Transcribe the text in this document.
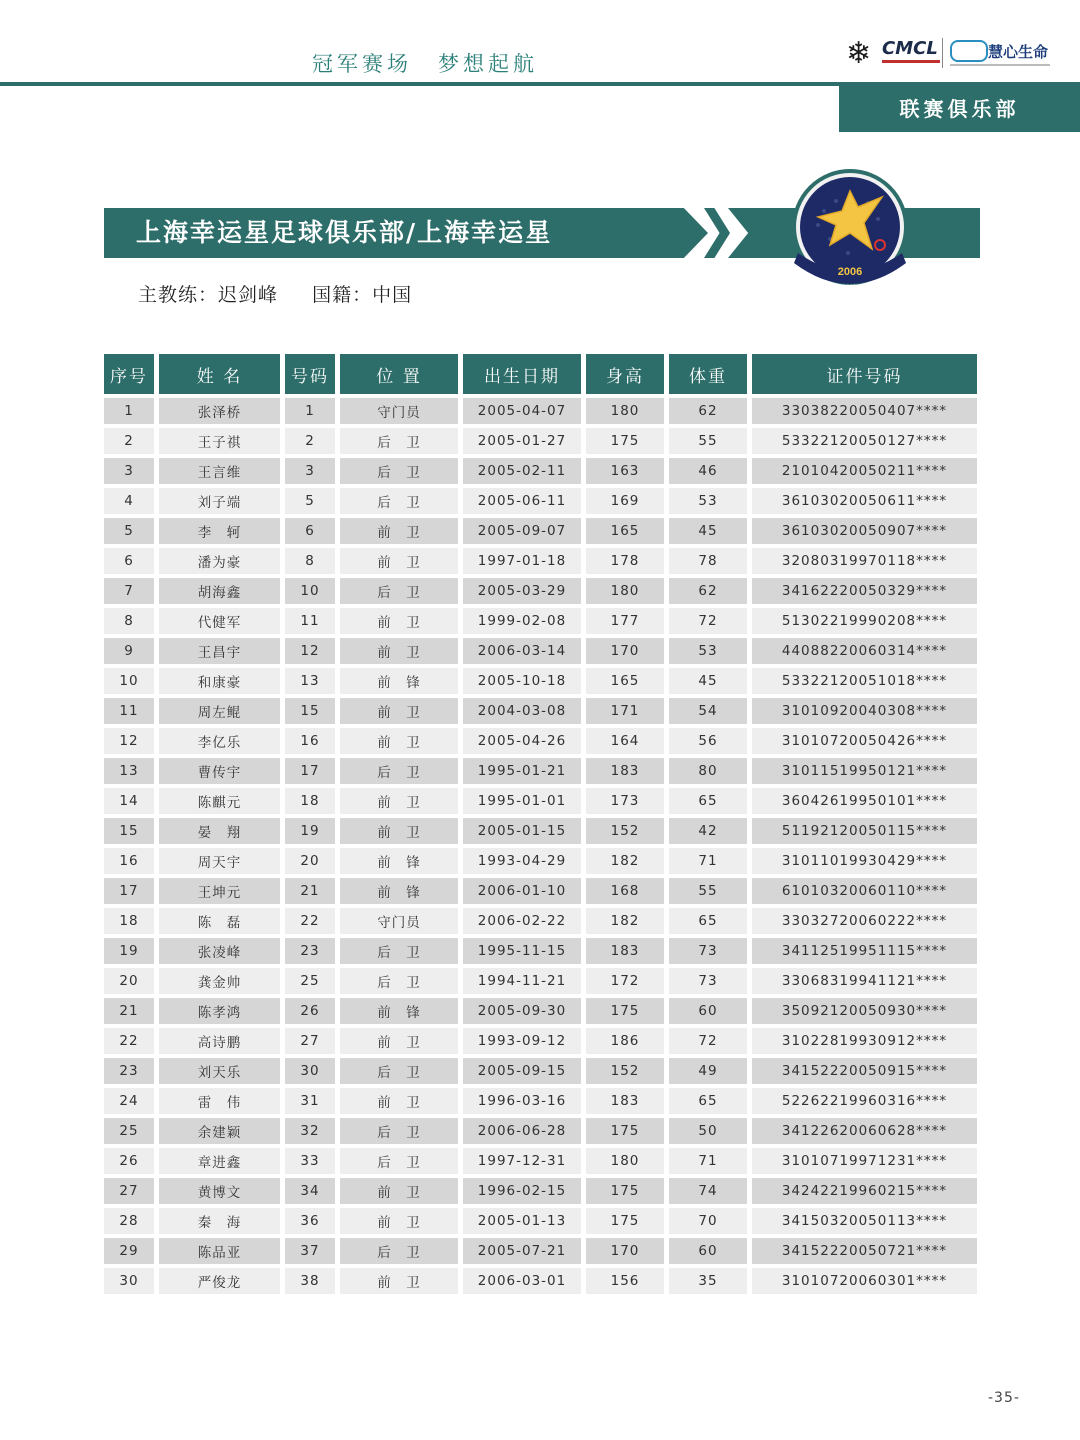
冠军赛场 梦想起航	❄ CMCL	慧心生命
联赛俱乐部
上海幸运星足球俱乐部/上海幸运星
2006
SHANGHAI LUCKYSTAR FC
主教练：迟剑峰 国籍：中国
序号	姓 名	号码	位 置	出生日期	身高	体重	证件号码
1	张泽桥	1	守门员	2005-04-07	180	62	33038220050407****
2	王子祺	2	后　卫	2005-01-27	175	55	53322120050127****
3	王言维	3	后　卫	2005-02-11	163	46	21010420050211****
4	刘子端	5	后　卫	2005-06-11	169	53	36103020050611****
5	李　轲	6	前　卫	2005-09-07	165	45	36103020050907****
6	潘为豪	8	前　卫	1997-01-18	178	78	32080319970118****
7	胡海鑫	10	后　卫	2005-03-29	180	62	34162220050329****
8	代健军	11	前　卫	1999-02-08	177	72	51302219990208****
9	王昌宇	12	前　卫	2006-03-14	170	53	44088220060314****
10	和康豪	13	前　锋	2005-10-18	165	45	53322120051018****
11	周左鲲	15	前　卫	2004-03-08	171	54	31010920040308****
12	李亿乐	16	前　卫	2005-04-26	164	56	31010720050426****
13	曹传宇	17	后　卫	1995-01-21	183	80	31011519950121****
14	陈麒元	18	前　卫	1995-01-01	173	65	36042619950101****
15	晏　翔	19	前　卫	2005-01-15	152	42	51192120050115****
16	周天宇	20	前　锋	1993-04-29	182	71	31011019930429****
17	王坤元	21	前　锋	2006-01-10	168	55	61010320060110****
18	陈　磊	22	守门员	2006-02-22	182	65	33032720060222****
19	张凌峰	23	后　卫	1995-11-15	183	73	34112519951115****
20	龚金帅	25	后　卫	1994-11-21	172	73	33068319941121****
21	陈孝鸿	26	前　锋	2005-09-30	175	60	35092120050930****
22	高诗鹏	27	前　卫	1993-09-12	186	72	31022819930912****
23	刘天乐	30	后　卫	2005-09-15	152	49	34152220050915****
24	雷　伟	31	前　卫	1996-03-16	183	65	52262219960316****
25	余建颖	32	后　卫	2006-06-28	175	50	34122620060628****
26	章进鑫	33	后　卫	1997-12-31	180	71	31010719971231****
27	黄博文	34	前　卫	1996-02-15	175	74	34242219960215****
28	秦　海	36	前　卫	2005-01-13	175	70	34150320050113****
29	陈品亚	37	后　卫	2005-07-21	170	60	34152220050721****
30	严俊龙	38	前　卫	2006-03-01	156	35	31010720060301****
-35-
